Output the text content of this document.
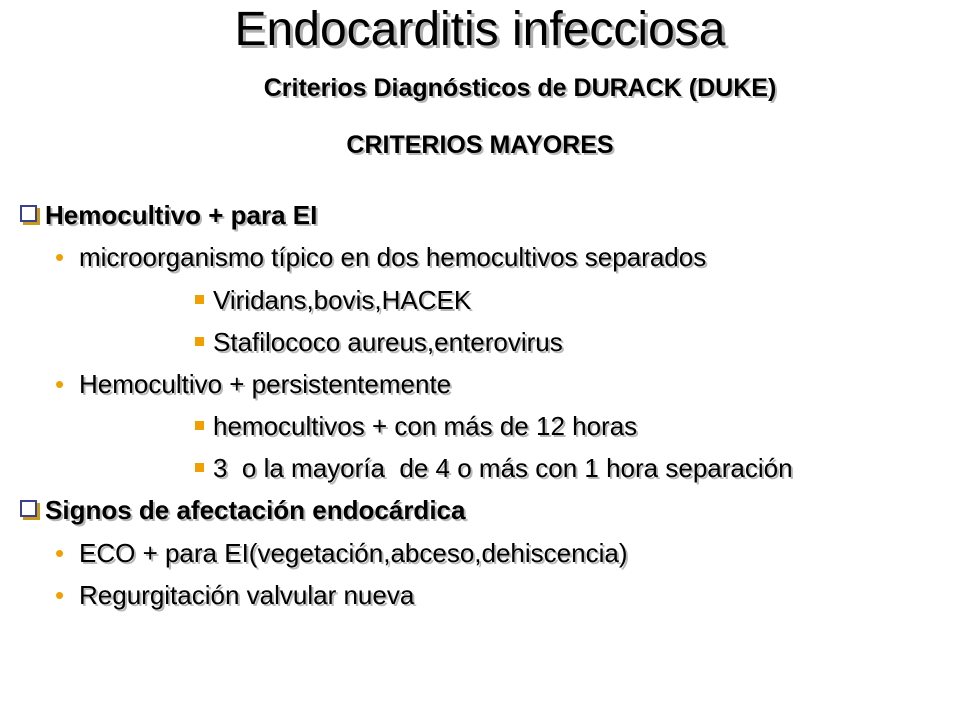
Endocarditis infecciosa
Criterios Diagnósticos de DURACK (DUKE)
CRITERIOS MAYORES
Hemocultivo + para EI
• microorganismo típico en dos hemocultivos separados
Viridans,bovis,HACEK
Stafilococo aureus,enterovirus
• Hemocultivo + persistentemente
hemocultivos + con más de 12 horas
3  o la mayoría  de 4 o más con 1 hora separación
Signos de afectación endocárdica
• ECO + para EI(vegetación,abceso,dehiscencia)
• Regurgitación valvular nueva
